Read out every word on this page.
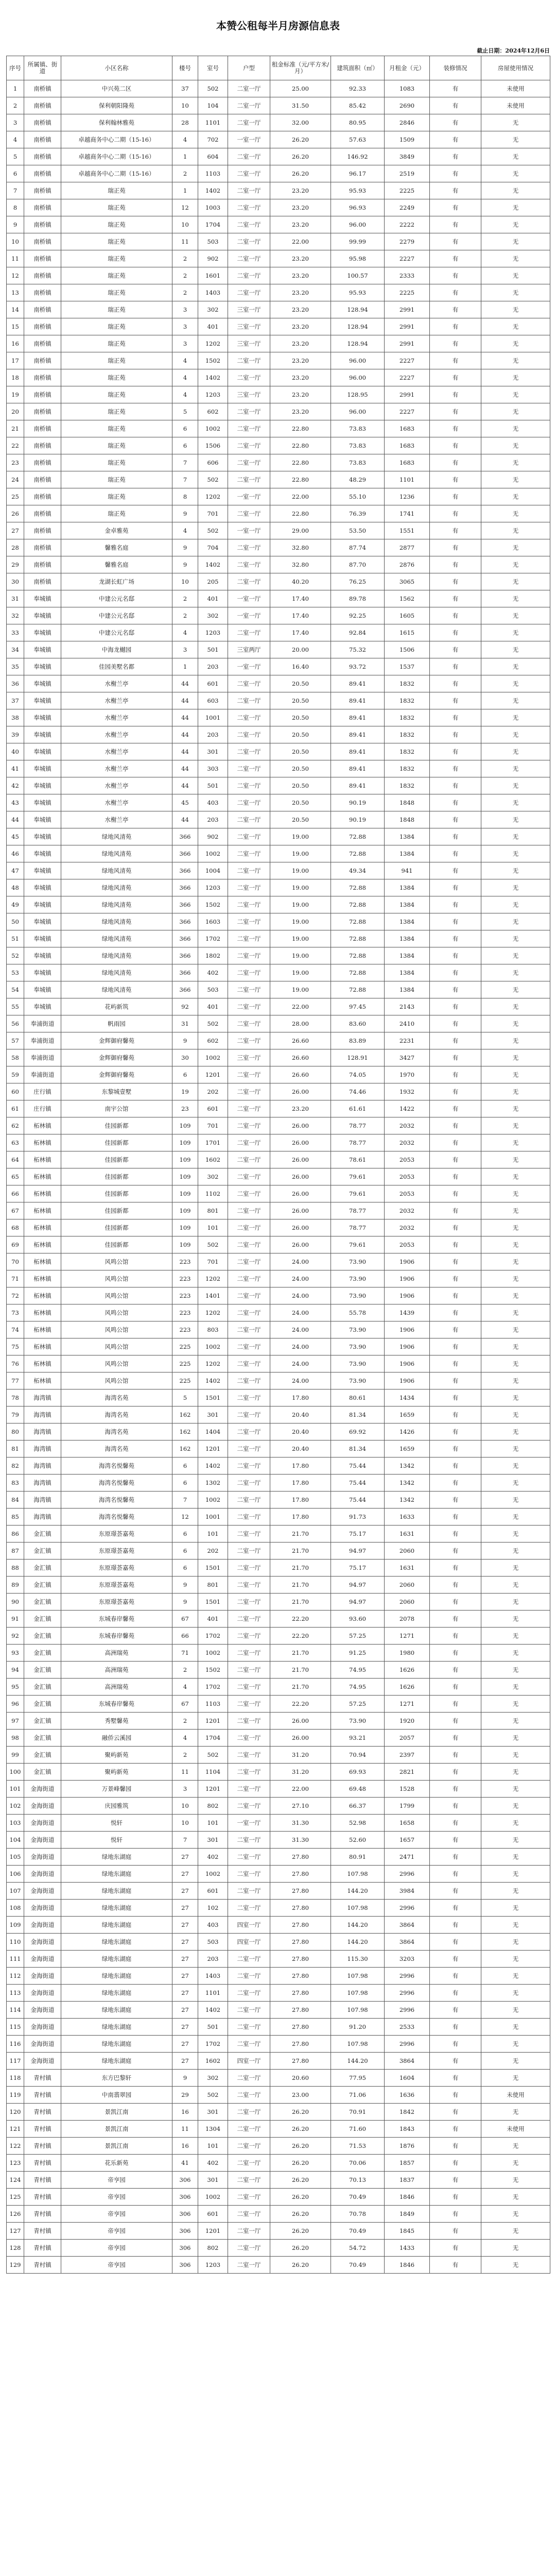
本赞公租每半月房源信息表
截止日期：2024年12月6日
序号	所属镇、街道	小区名称	楼号	室号	户型	租金标准（元/平方米/月）	建筑面积（㎡）	月租金（元）	装修情况	房屋使用情况
1	南桥镇	中兴苑二区	37	502	二室一厅	25.00	92.33	1083	有	未使用
2	南桥镇	保利朝阳隆苑	10	104	二室一厅	31.50	85.42	2690	有	未使用
3	南桥镇	保利翰林雅苑	28	1101	二室一厅	32.00	80.95	2846	有	无
4	南桥镇	卓越商务中心二期（15-16）	4	702	一室一厅	26.20	57.63	1509	有	无
5	南桥镇	卓越商务中心二期（15-16）	1	604	二室一厅	26.20	146.92	3849	有	无
6	南桥镇	卓越商务中心二期（15-16）	2	1103	二室一厅	26.20	96.17	2519	有	无
7	南桥镇	瑞正苑	1	1402	二室一厅	23.20	95.93	2225	有	无
8	南桥镇	瑞正苑	12	1003	二室一厅	23.20	96.93	2249	有	无
9	南桥镇	瑞正苑	10	1704	二室一厅	23.20	96.00	2222	有	无
10	南桥镇	瑞正苑	11	503	二室一厅	22.00	99.99	2279	有	无
11	南桥镇	瑞正苑	2	902	二室一厅	23.20	95.98	2227	有	无
12	南桥镇	瑞正苑	2	1601	二室一厅	23.20	100.57	2333	有	无
13	南桥镇	瑞正苑	2	1403	二室一厅	23.20	95.93	2225	有	无
14	南桥镇	瑞正苑	3	302	三室一厅	23.20	128.94	2991	有	无
15	南桥镇	瑞正苑	3	401	三室一厅	23.20	128.94	2991	有	无
16	南桥镇	瑞正苑	3	1202	三室一厅	23.20	128.94	2991	有	无
17	南桥镇	瑞正苑	4	1502	二室一厅	23.20	96.00	2227	有	无
18	南桥镇	瑞正苑	4	1402	二室一厅	23.20	96.00	2227	有	无
19	南桥镇	瑞正苑	4	1203	三室一厅	23.20	128.95	2991	有	无
20	南桥镇	瑞正苑	5	602	二室一厅	23.20	96.00	2227	有	无
21	南桥镇	瑞正苑	6	1002	二室一厅	22.80	73.83	1683	有	无
22	南桥镇	瑞正苑	6	1506	二室一厅	22.80	73.83	1683	有	无
23	南桥镇	瑞正苑	7	606	二室一厅	22.80	73.83	1683	有	无
24	南桥镇	瑞正苑	7	502	二室一厅	22.80	48.29	1101	有	无
25	南桥镇	瑞正苑	8	1202	一室一厅	22.00	55.10	1236	有	无
26	南桥镇	瑞正苑	9	701	二室一厅	22.80	76.39	1741	有	无
27	南桥镇	金卓雅苑	4	502	一室一厅	29.00	53.50	1551	有	无
28	南桥镇	馨雅名庭	9	704	二室一厅	32.80	87.74	2877	有	无
29	南桥镇	馨雅名庭	9	1402	二室一厅	32.80	87.70	2876	有	无
30	南桥镇	龙湖长虹广场	10	205	二室一厅	40.20	76.25	3065	有	无
31	奉城镇	中建公元名邸	2	401	一室一厅	17.40	89.78	1562	有	无
32	奉城镇	中建公元名邸	2	302	一室一厅	17.40	92.25	1605	有	无
33	奉城镇	中建公元名邸	4	1203	二室一厅	17.40	92.84	1615	有	无
34	奉城镇	中海龙樾园	3	501	三室两厅	20.00	75.32	1506	有	无
35	奉城镇	佳园美墅名都	1	203	一室一厅	16.40	93.72	1537	有	无
36	奉城镇	水榭兰亭	44	601	二室一厅	20.50	89.41	1832	有	无
37	奉城镇	水榭兰亭	44	603	二室一厅	20.50	89.41	1832	有	无
38	奉城镇	水榭兰亭	44	1001	二室一厅	20.50	89.41	1832	有	无
39	奉城镇	水榭兰亭	44	203	二室一厅	20.50	89.41	1832	有	无
40	奉城镇	水榭兰亭	44	301	二室一厅	20.50	89.41	1832	有	无
41	奉城镇	水榭兰亭	44	303	二室一厅	20.50	89.41	1832	有	无
42	奉城镇	水榭兰亭	44	501	二室一厅	20.50	89.41	1832	有	无
43	奉城镇	水榭兰亭	45	403	二室一厅	20.50	90.19	1848	有	无
44	奉城镇	水榭兰亭	44	203	二室一厅	20.50	90.19	1848	有	无
45	奉城镇	绿地风清苑	366	902	二室一厅	19.00	72.88	1384	有	无
46	奉城镇	绿地风清苑	366	1002	二室一厅	19.00	72.88	1384	有	无
47	奉城镇	绿地风清苑	366	1004	二室一厅	19.00	49.34	941	有	无
48	奉城镇	绿地风清苑	366	1203	二室一厅	19.00	72.88	1384	有	无
49	奉城镇	绿地风清苑	366	1502	二室一厅	19.00	72.88	1384	有	无
50	奉城镇	绿地风清苑	366	1603	二室一厅	19.00	72.88	1384	有	无
51	奉城镇	绿地风清苑	366	1702	二室一厅	19.00	72.88	1384	有	无
52	奉城镇	绿地风清苑	366	1802	二室一厅	19.00	72.88	1384	有	无
53	奉城镇	绿地风清苑	366	402	二室一厅	19.00	72.88	1384	有	无
54	奉城镇	绿地风清苑	366	503	二室一厅	19.00	72.88	1384	有	无
55	奉城镇	花屿新筑	92	401	二室一厅	22.00	97.45	2143	有	无
56	奉浦街道	帆雨园	31	502	二室一厅	28.00	83.60	2410	有	无
57	奉浦街道	金辉御府馨苑	9	602	二室一厅	26.60	83.89	2231	有	无
58	奉浦街道	金辉御府馨苑	30	1002	三室一厅	26.60	128.91	3427	有	无
59	奉浦街道	金辉御府馨苑	6	1201	二室一厅	26.60	74.05	1970	有	无
60	庄行镇	东黎城壹墅	19	202	二室一厅	26.00	74.46	1932	有	无
61	庄行镇	南宇公馆	23	601	二室一厅	23.20	61.61	1422	有	无
62	柘林镇	佳园新都	109	701	二室一厅	26.00	78.77	2032	有	无
63	柘林镇	佳园新都	109	1701	二室一厅	26.00	78.77	2032	有	无
64	柘林镇	佳园新都	109	1602	二室一厅	26.00	78.61	2053	有	无
65	柘林镇	佳园新都	109	302	二室一厅	26.00	79.61	2053	有	无
66	柘林镇	佳园新都	109	1102	二室一厅	26.00	79.61	2053	有	无
67	柘林镇	佳园新都	109	801	二室一厅	26.00	78.77	2032	有	无
68	柘林镇	佳园新都	109	101	二室一厅	26.00	78.77	2032	有	无
69	柘林镇	佳园新都	109	502	二室一厅	26.00	79.61	2053	有	无
70	柘林镇	风鸣公馆	223	701	二室一厅	24.00	73.90	1906	有	无
71	柘林镇	风鸣公馆	223	1202	二室一厅	24.00	73.90	1906	有	无
72	柘林镇	风鸣公馆	223	1401	二室一厅	24.00	73.90	1906	有	无
73	柘林镇	风鸣公馆	223	1202	二室一厅	24.00	55.78	1439	有	无
74	柘林镇	风鸣公馆	223	803	二室一厅	24.00	73.90	1906	有	无
75	柘林镇	风鸣公馆	225	1002	二室一厅	24.00	73.90	1906	有	无
76	柘林镇	风鸣公馆	225	1202	二室一厅	24.00	73.90	1906	有	无
77	柘林镇	风鸣公馆	225	1402	二室一厅	24.00	73.90	1906	有	无
78	海湾镇	海湾名苑	5	1501	二室一厅	17.80	80.61	1434	有	无
79	海湾镇	海湾名苑	162	301	二室一厅	20.40	81.34	1659	有	无
80	海湾镇	海湾名苑	162	1404	二室一厅	20.40	69.92	1426	有	无
81	海湾镇	海湾名苑	162	1201	二室一厅	20.40	81.34	1659	有	无
82	海湾镇	海湾名悦馨苑	6	1402	二室一厅	17.80	75.44	1342	有	无
83	海湾镇	海湾名悦馨苑	6	1302	二室一厅	17.80	75.44	1342	有	无
84	海湾镇	海湾名悦馨苑	7	1002	二室一厅	17.80	75.44	1342	有	无
85	海湾镇	海湾名悦馨苑	12	1001	二室一厅	17.80	91.73	1633	有	无
86	金汇镇	东原璟荟嘉苑	6	101	二室一厅	21.70	75.17	1631	有	无
87	金汇镇	东原璟荟嘉苑	6	202	二室一厅	21.70	94.97	2060	有	无
88	金汇镇	东原璟荟嘉苑	6	1501	二室一厅	21.70	75.17	1631	有	无
89	金汇镇	东原璟荟嘉苑	9	801	二室一厅	21.70	94.97	2060	有	无
90	金汇镇	东原璟荟嘉苑	9	1501	二室一厅	21.70	94.97	2060	有	无
91	金汇镇	东城春岸馨苑	67	401	二室一厅	22.20	93.60	2078	有	无
92	金汇镇	东城春岸馨苑	66	1702	二室一厅	22.20	57.25	1271	有	无
93	金汇镇	高洲瑞苑	71	1002	二室一厅	21.70	91.25	1980	有	无
94	金汇镇	高洲瑞苑	2	1502	二室一厅	21.70	74.95	1626	有	无
95	金汇镇	高洲瑞苑	4	1702	二室一厅	21.70	74.95	1626	有	无
96	金汇镇	东城春岸馨苑	67	1103	二室一厅	22.20	57.25	1271	有	无
97	金汇镇	秀墅馨苑	2	1201	二室一厅	26.00	73.90	1920	有	无
98	金汇镇	融侨云溪园	4	1704	二室一厅	26.00	93.21	2057	有	无
99	金汇镇	聚屿新苑	2	502	二室一厅	31.20	70.94	2397	有	无
100	金汇镇	聚屿新苑	11	1104	二室一厅	31.20	69.93	2821	有	无
101	金海街道	万景峰馨园	3	1201	二室一厅	22.00	69.48	1528	有	无
102	金海街道	庆园雅筑	10	802	二室一厅	27.10	66.37	1799	有	无
103	金海街道	悦轩	10	101	一室一厅	31.30	52.98	1658	有	无
104	金海街道	悦轩	7	301	二室一厅	31.30	52.60	1657	有	无
105	金海街道	绿地东湖庭	27	402	二室一厅	27.80	80.91	2471	有	无
106	金海街道	绿地东湖庭	27	1002	二室一厅	27.80	107.98	2996	有	无
107	金海街道	绿地东湖庭	27	601	二室一厅	27.80	144.20	3984	有	无
108	金海街道	绿地东湖庭	27	102	二室一厅	27.80	107.98	2996	有	无
109	金海街道	绿地东湖庭	27	403	四室一厅	27.80	144.20	3864	有	无
110	金海街道	绿地东湖庭	27	503	四室一厅	27.80	144.20	3864	有	无
111	金海街道	绿地东湖庭	27	203	二室一厅	27.80	115.30	3203	有	无
112	金海街道	绿地东湖庭	27	1403	二室一厅	27.80	107.98	2996	有	无
113	金海街道	绿地东湖庭	27	1101	二室一厅	27.80	107.98	2996	有	无
114	金海街道	绿地东湖庭	27	1402	二室一厅	27.80	107.98	2996	有	无
115	金海街道	绿地东湖庭	27	501	二室一厅	27.80	91.20	2533	有	无
116	金海街道	绿地东湖庭	27	1702	二室一厅	27.80	107.98	2996	有	无
117	金海街道	绿地东湖庭	27	1602	四室一厅	27.80	144.20	3864	有	无
118	青村镇	东方巴黎轩	9	302	二室一厅	20.60	77.95	1604	有	无
119	青村镇	中南翡翠园	29	502	二室一厅	23.00	71.06	1636	有	未使用
120	青村镇	景凯江南	16	301	二室一厅	26.20	70.91	1842	有	无
121	青村镇	景凯江南	11	1304	二室一厅	26.20	71.60	1843	有	未使用
122	青村镇	景凯江南	16	101	二室一厅	26.20	71.53	1876	有	无
123	青村镇	花乐新苑	41	402	二室一厅	26.20	70.06	1857	有	无
124	青村镇	帝亨园	306	301	二室一厅	26.20	70.13	1837	有	无
125	青村镇	帝亨园	306	1002	二室一厅	26.20	70.49	1846	有	无
126	青村镇	帝亨园	306	601	二室一厅	26.20	70.78	1849	有	无
127	青村镇	帝亨园	306	1201	二室一厅	26.20	70.49	1845	有	无
128	青村镇	帝亨园	306	802	二室一厅	26.20	54.72	1433	有	无
129	青村镇	帝亨园	306	1203	二室一厅	26.20	70.49	1846	有	无
